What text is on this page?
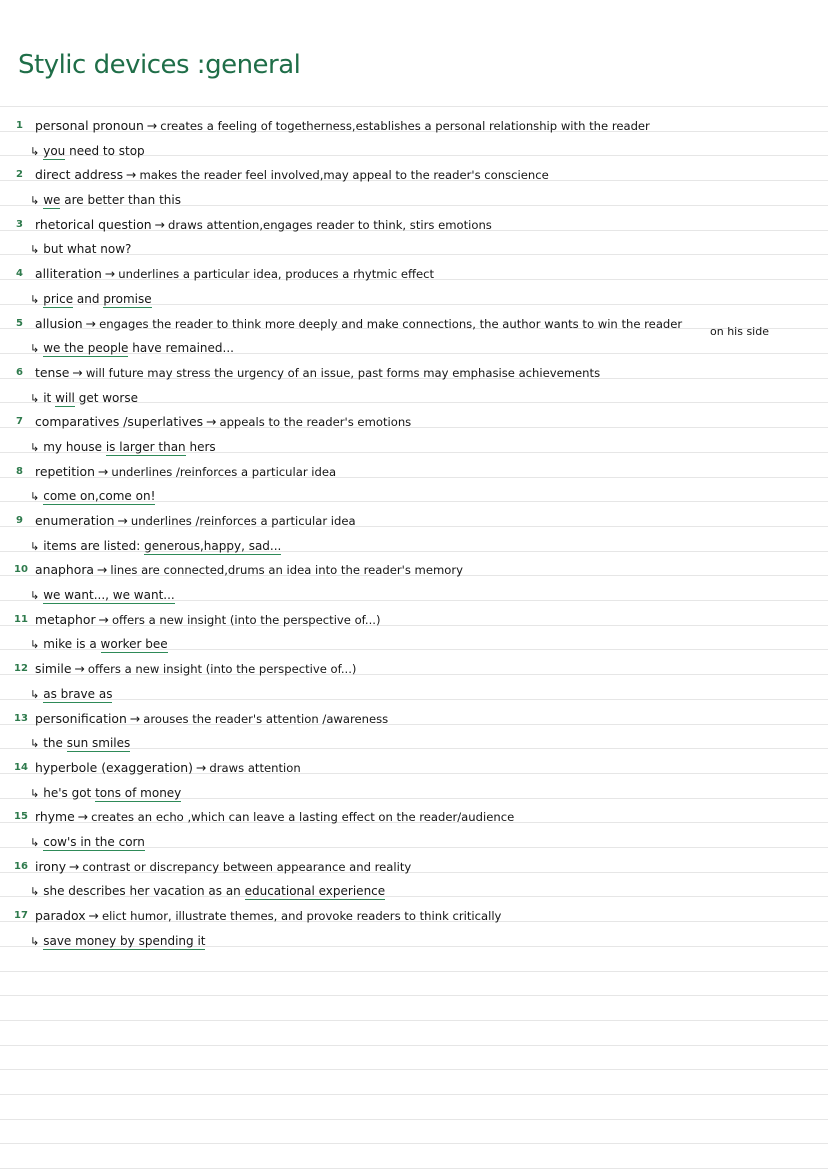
Stylic devices :general
1 personal pronoun → creates a feeling of togetherness,establishes a personal relationship with the reader
↳ you need to stop
2 direct address → makes the reader feel involved,may appeal to the reader's conscience
↳ we are better than this
3 rhetorical question → draws attention,engages reader to think, stirs emotions
↳ but what now?
4 alliteration → underlines a particular idea, produces a rhytmic effect
↳ price and promise
5 allusion → engages the reader to think more deeply and make connections, the author wants to win the reader
on his side
↳ we the people have remained...
6 tense → will future may stress the urgency of an issue, past forms may emphasise achievements
↳ it will get worse
7 comparatives /superlatives → appeals to the reader's emotions
↳ my house is larger than hers
8 repetition → underlines /reinforces a particular idea
↳ come on,come on!
9 enumeration → underlines /reinforces a particular idea
↳ items are listed: generous,happy, sad...
10 anaphora → lines are connected,drums an idea into the reader's memory
↳ we want..., we want...
11 metaphor → offers a new insight (into the perspective of...)
↳ mike is a worker bee
12 simile → offers a new insight (into the perspective of...)
↳ as brave as
13 personification → arouses the reader's attention /awareness
↳ the sun smiles
14 hyperbole (exaggeration) → draws attention
↳ he's got tons of money
15 rhyme → creates an echo ,which can leave a lasting effect on the reader/audience
↳ cow's in the corn
16 irony → contrast or discrepancy between appearance and reality
↳ she describes her vacation as an educational experience
17 paradox → elict humor, illustrate themes, and provoke readers to think critically
↳ save money by spending it
